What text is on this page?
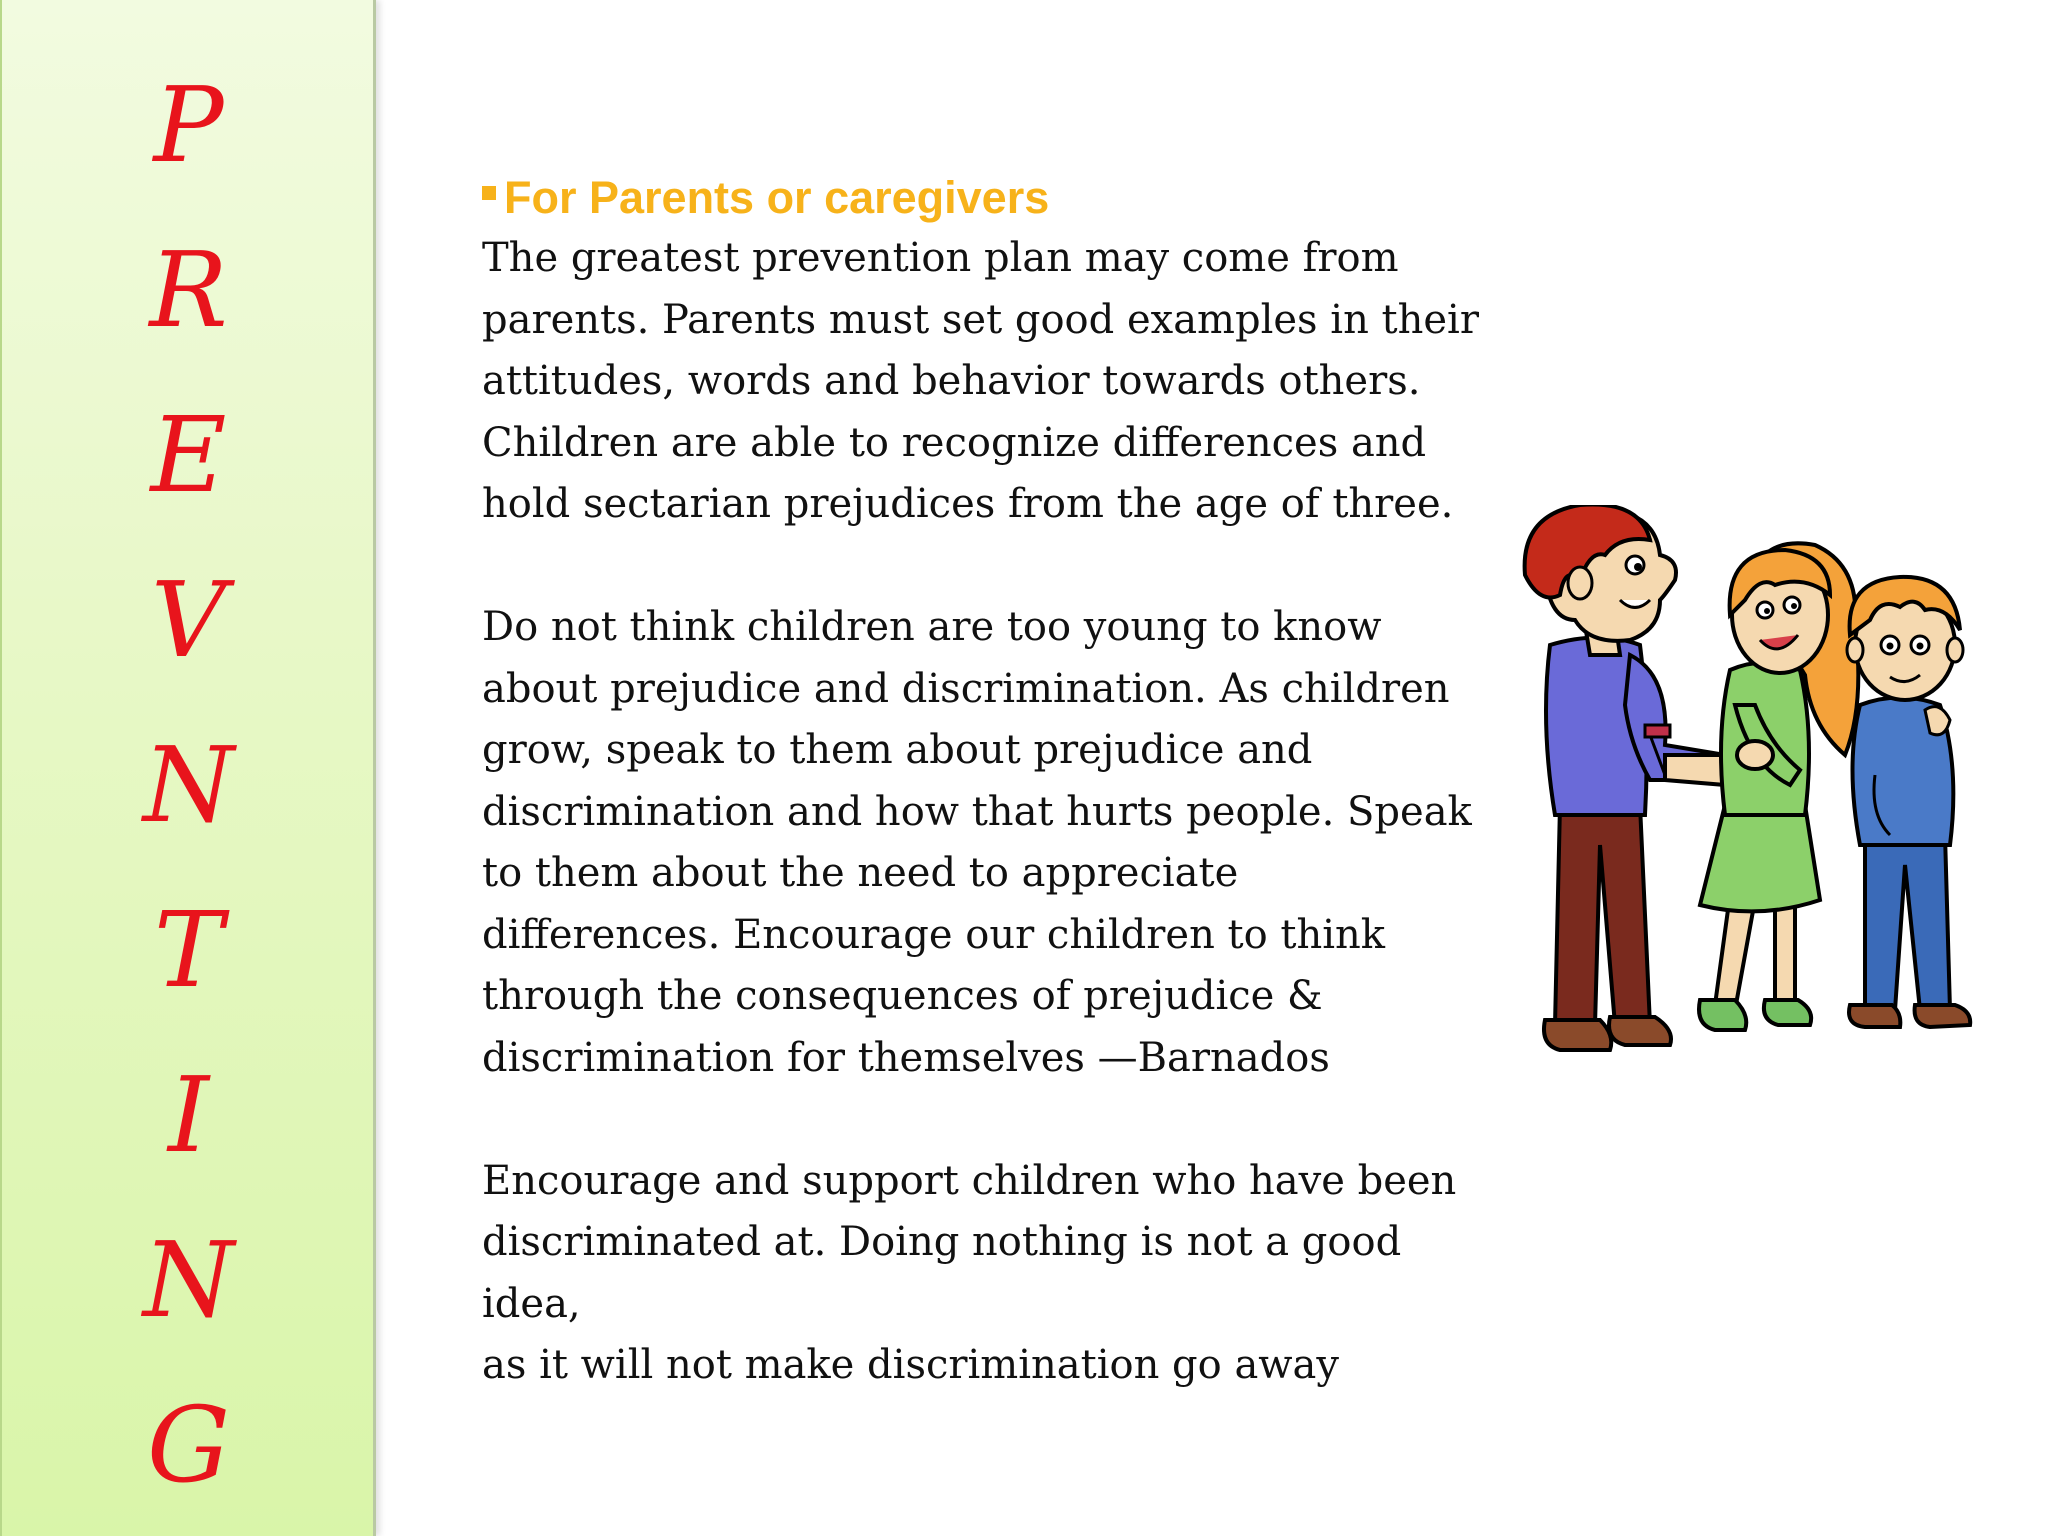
P
R
E
V
N
T
I
N
G
For Parents or caregivers

The greatest prevention plan may come from
parents. Parents must set good examples in their
attitudes, words and behavior towards others.
Children are able to recognize differences and
hold sectarian prejudices from the age of three.

Do not think children are too young to know
about prejudice and discrimination. As children
grow, speak to them about prejudice and
discrimination and how that hurts people. Speak
to them about the need to appreciate
differences. Encourage our children to think
through the consequences of prejudice &
discrimination for themselves —Barnados

Encourage and support children who have been
discriminated at. Doing nothing is not a good idea,
as it will not make discrimination go away
